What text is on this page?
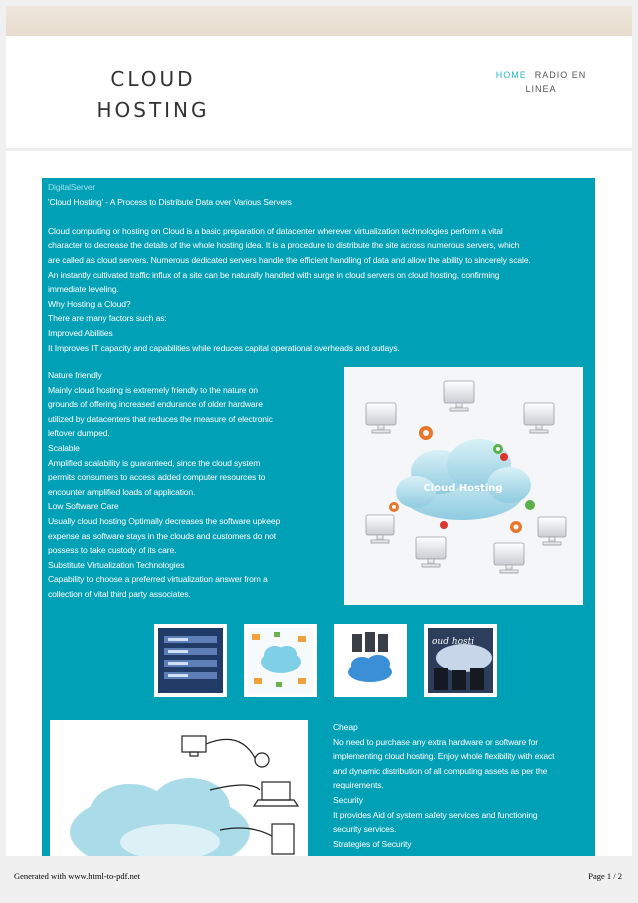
CLOUD
HOSTING
HOME RADIO EN LINEA
DigitalServer
'Cloud Hosting' - A Process to Distribute Data over Various Servers
Cloud computing or hosting on Cloud is a basic preparation of datacenter wherever virtualization technologies perform a vital
character to decrease the details of the whole hosting idea. It is a procedure to distribute the site across numerous servers, which
are called as cloud servers. Numerous dedicated servers handle the efficient handling of data and allow the ability to sincerely scale.
An instantly cultivated traffic influx of a site can be naturally handled with surge in cloud servers on cloud hosting, confirming
immediate leveling.
Why Hosting a Cloud?
There are many factors such as:
Improved Abilities
It Improves IT capacity and capabilities while reduces capital operational overheads and outlays.
Nature friendly
Mainly cloud hosting is extremely friendly to the nature on
grounds of offering increased endurance of older hardware
utilized by datacenters that reduces the measure of electronic
leftover dumped.
Scalable
Amplified scalability is guaranteed, since the cloud system
permits consumers to access added computer resources to
encounter amplified loads of application.
Low Software Care
Usually cloud hosting Optimally decreases the software upkeep
expense as software stays in the clouds and customers do not
possess to take custody of its care.
Substitute Virtualization Technologies
Capability to choose a preferred virtualization answer from a
collection of vital third party associates.
Cloud Hosting
oud hosti
Cheap
No need to purchase any extra hardware or software for
implementing cloud hosting. Enjoy whole flexibility with exact
and dynamic distribution of all computing assets as per the
requirements.
Security
It provides Aid of system safety services and functioning
security services.
Strategies of Security
Generated with www.html-to-pdf.net	Page 1 / 2
